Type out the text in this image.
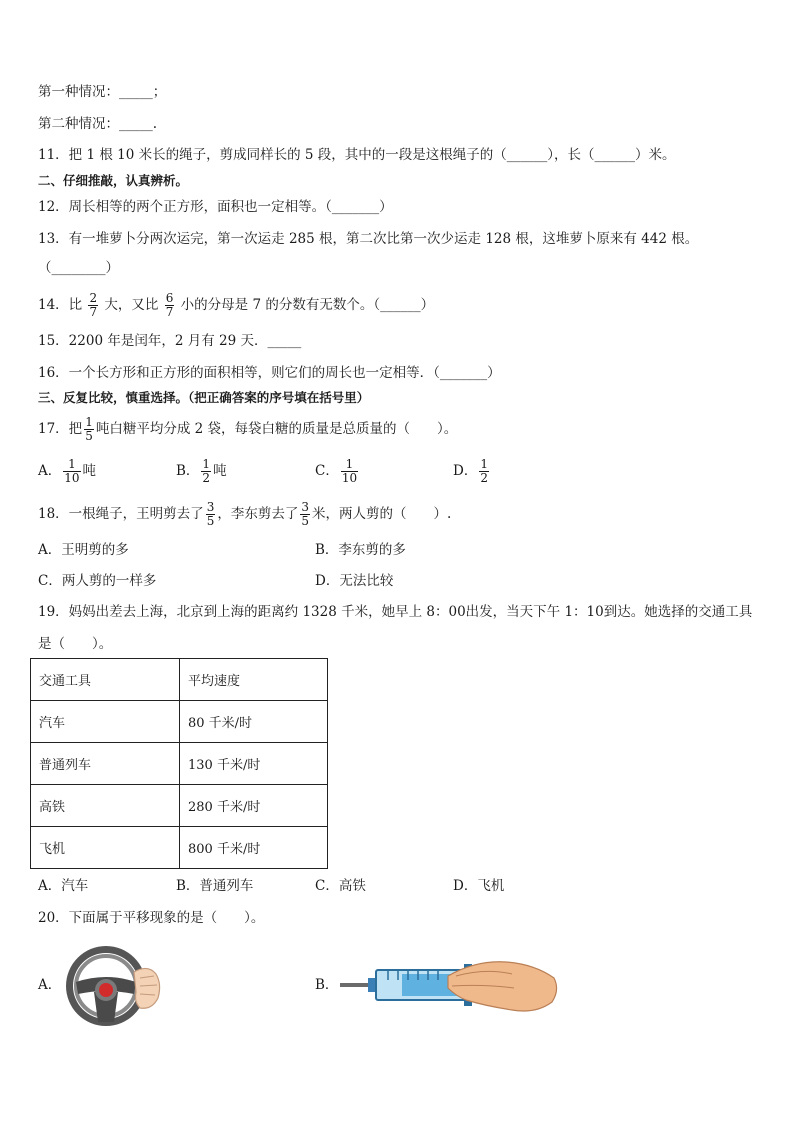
第一种情况：_____；
第二种情况：_____.
11．把 1 根 10 米长的绳子，剪成同样长的 5 段，其中的一段是这根绳子的（______），长（______）米。
二、仔细推敲，认真辨析。
12．周长相等的两个正方形，面积也一定相等。（_______）
13．有一堆萝卜分两次运完，第一次运走 285 根，第二次比第一次少运走 128 根，这堆萝卜原来有 442 根。
（________）
14．比 $\frac{2}{7}$ 大，又比 $\frac{6}{7}$ 小的分母是 7 的分数有无数个。（______）
15．2200 年是闰年，2 月有 29 天．_____
16．一个长方形和正方形的面积相等，则它们的周长也一定相等．（_______）
三、反复比较，慎重选择。（把正确答案的序号填在括号里）
17．把 $\frac{1}{5}$ 吨白糖平均分成 2 袋，每袋白糖的质量是总质量的（　　）。
A． $\frac{1}{10}$ 吨	B． $\frac{1}{2}$ 吨	C． $\frac{1}{10}$	D． $\frac{1}{2}$
18．一根绳子，王明剪去了 $\frac{3}{5}$ ，李东剪去了 $\frac{3}{5}$ 米，两人剪的（　　）.
A．王明剪的多	B．李东剪的多
C．两人剪的一样多	D．无法比较
19．妈妈出差去上海，北京到上海的距离约 1328 千米，她早上 8：00出发，当天下午 1：10到达。她选择的交通工具
是（　　）。
交通工具	平均速度
汽车	80 千米/时
普通列车	130 千米/时
高铁	280 千米/时
飞机	800 千米/时
A．汽车	B．普通列车	C．高铁	D．飞机
20．下面属于平移现象的是（　　）。
A．	B．
